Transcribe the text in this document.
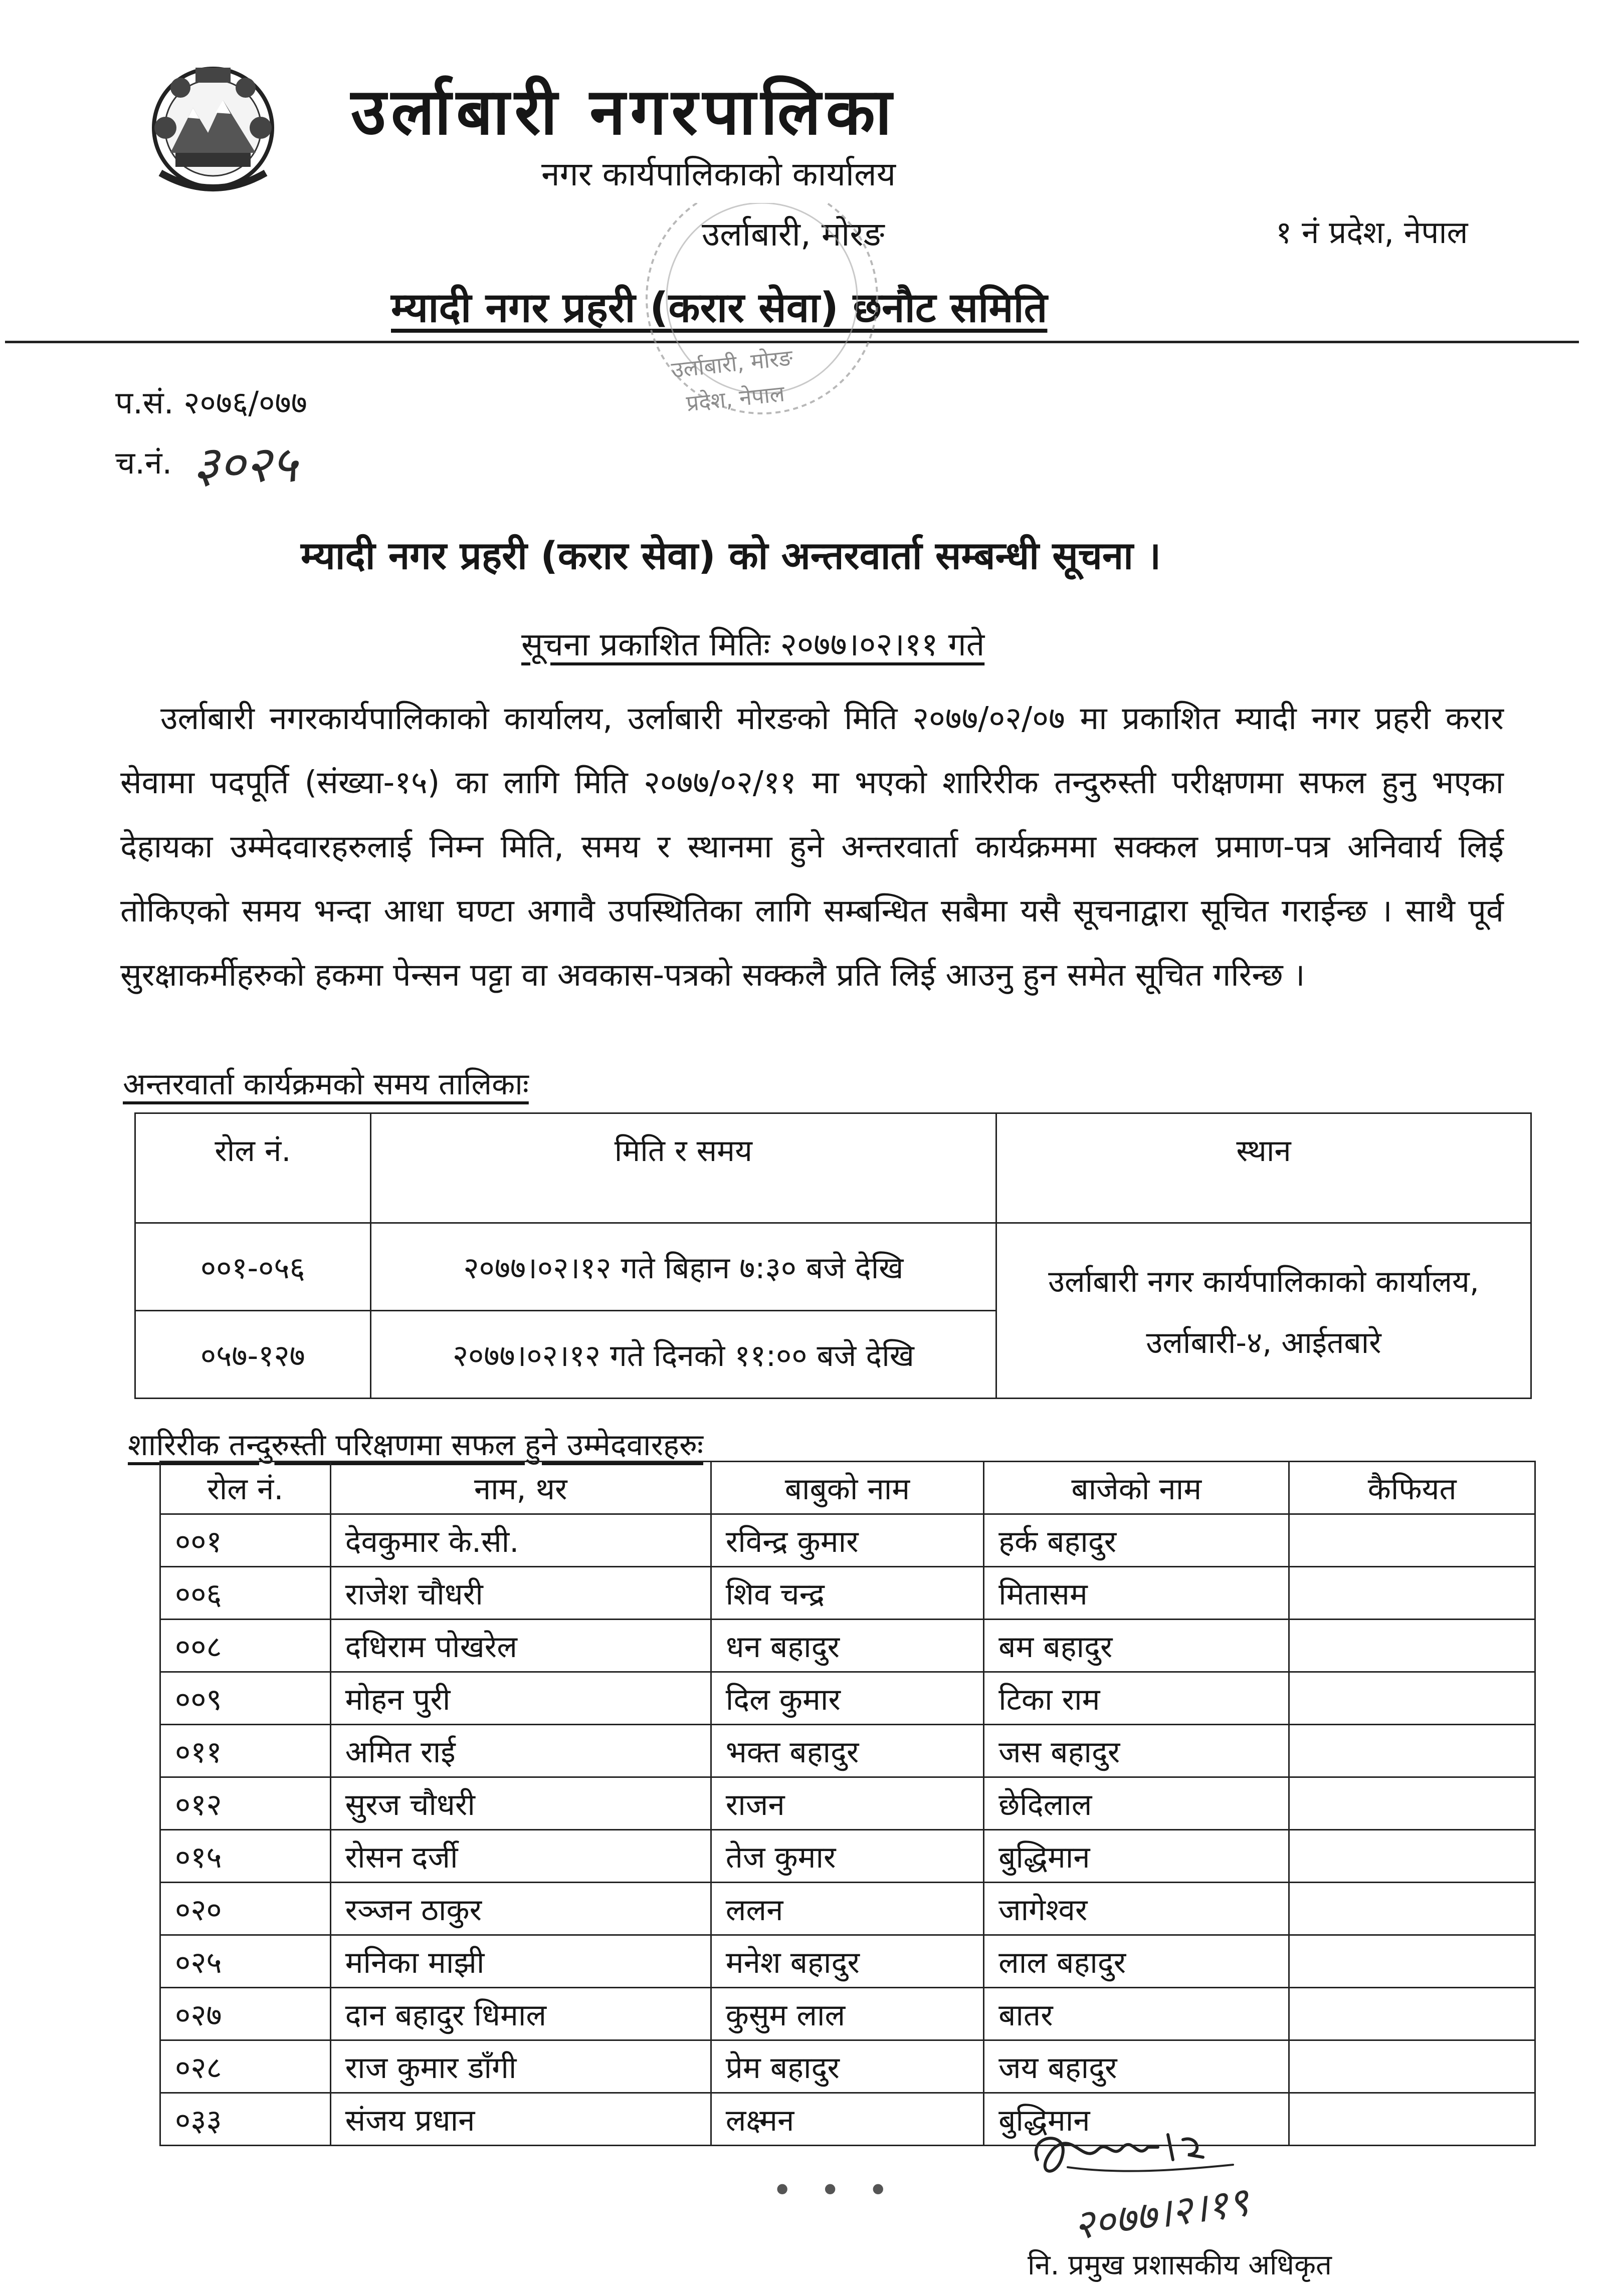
उर्लाबारी नगरपालिका
नगर कार्यपालिकाको कार्यालय
उर्लाबारी, मोरङ	१ नं प्रदेश, नेपाल
म्यादी नगर प्रहरी (करार सेवा) छनौट समिति
उर्लाबारी, मोरङ
प्रदेश, नेपाल
प.सं. २०७६/०७७
च.नं. ३०२५
म्यादी नगर प्रहरी (करार सेवा) को अन्तरवार्ता सम्बन्धी सूचना ।
सूचना प्रकाशित मितिः २०७७।०२।११ गते
उर्लाबारी नगरकार्यपालिकाको कार्यालय, उर्लाबारी मोरङको मिति २०७७/०२/०७ मा प्रकाशित म्यादी नगर प्रहरी करार सेवामा पदपूर्ति (संख्या-१५) का लागि मिति २०७७/०२/११ मा भएको शारिरीक तन्दुरुस्ती परीक्षणमा सफल हुनु भएका देहायका उम्मेदवारहरुलाई निम्न मिति, समय र स्थानमा हुने अन्तरवार्ता कार्यक्रममा सक्कल प्रमाण-पत्र अनिवार्य लिई तोकिएको समय भन्दा आधा घण्टा अगावै उपस्थितिका लागि सम्बन्धित सबैमा यसै सूचनाद्वारा सूचित गराईन्छ । साथै पूर्व सुरक्षाकर्मीहरुको हकमा पेन्सन पट्टा वा अवकास-पत्रको सक्कलै प्रति लिई आउनु हुन समेत सूचित गरिन्छ ।
अन्तरवार्ता कार्यक्रमको समय तालिकाः
रोल नं.	मिति र समय	स्थान
००१-०५६	२०७७।०२।१२ गते बिहान ७:३० बजे देखि	उर्लाबारी नगर कार्यपालिकाको कार्यालय,
उर्लाबारी-४, आईतबारे

०५७-१२७	२०७७।०२।१२ गते दिनको ११:०० बजे देखि	
शारिरीक तन्दुरुस्ती परिक्षणमा सफल हुने उम्मेदवारहरुः
रोल नं.	नाम, थर	बाबुको नाम	बाजेको नाम	कैफियत
००१	देवकुमार के.सी.	रविन्द्र कुमार	हर्क बहादुर	
००६	राजेश चौधरी	शिव चन्द्र	मितासम	
००८	दधिराम पोखरेल	धन बहादुर	बम बहादुर	
००९	मोहन पुरी	दिल कुमार	टिका राम	
०११	अमित राई	भक्त बहादुर	जस बहादुर	
०१२	सुरज चौधरी	राजन	छेदिलाल	
०१५	रोसन दर्जी	तेज कुमार	बुद्धिमान	
०२०	रञ्जन ठाकुर	ललन	जागेश्वर	
०२५	मनिका माझी	मनेश बहादुर	लाल बहादुर	
०२७	दान बहादुर धिमाल	कुसुम लाल	बातर	
०२८	राज कुमार डाँगी	प्रेम बहादुर	जय बहादुर	
०३३	संजय प्रधान	लक्ष्मन	बुद्धिमान	
• • •	२०७७।२।१९
नि. प्रमुख प्रशासकीय अधिकृत
